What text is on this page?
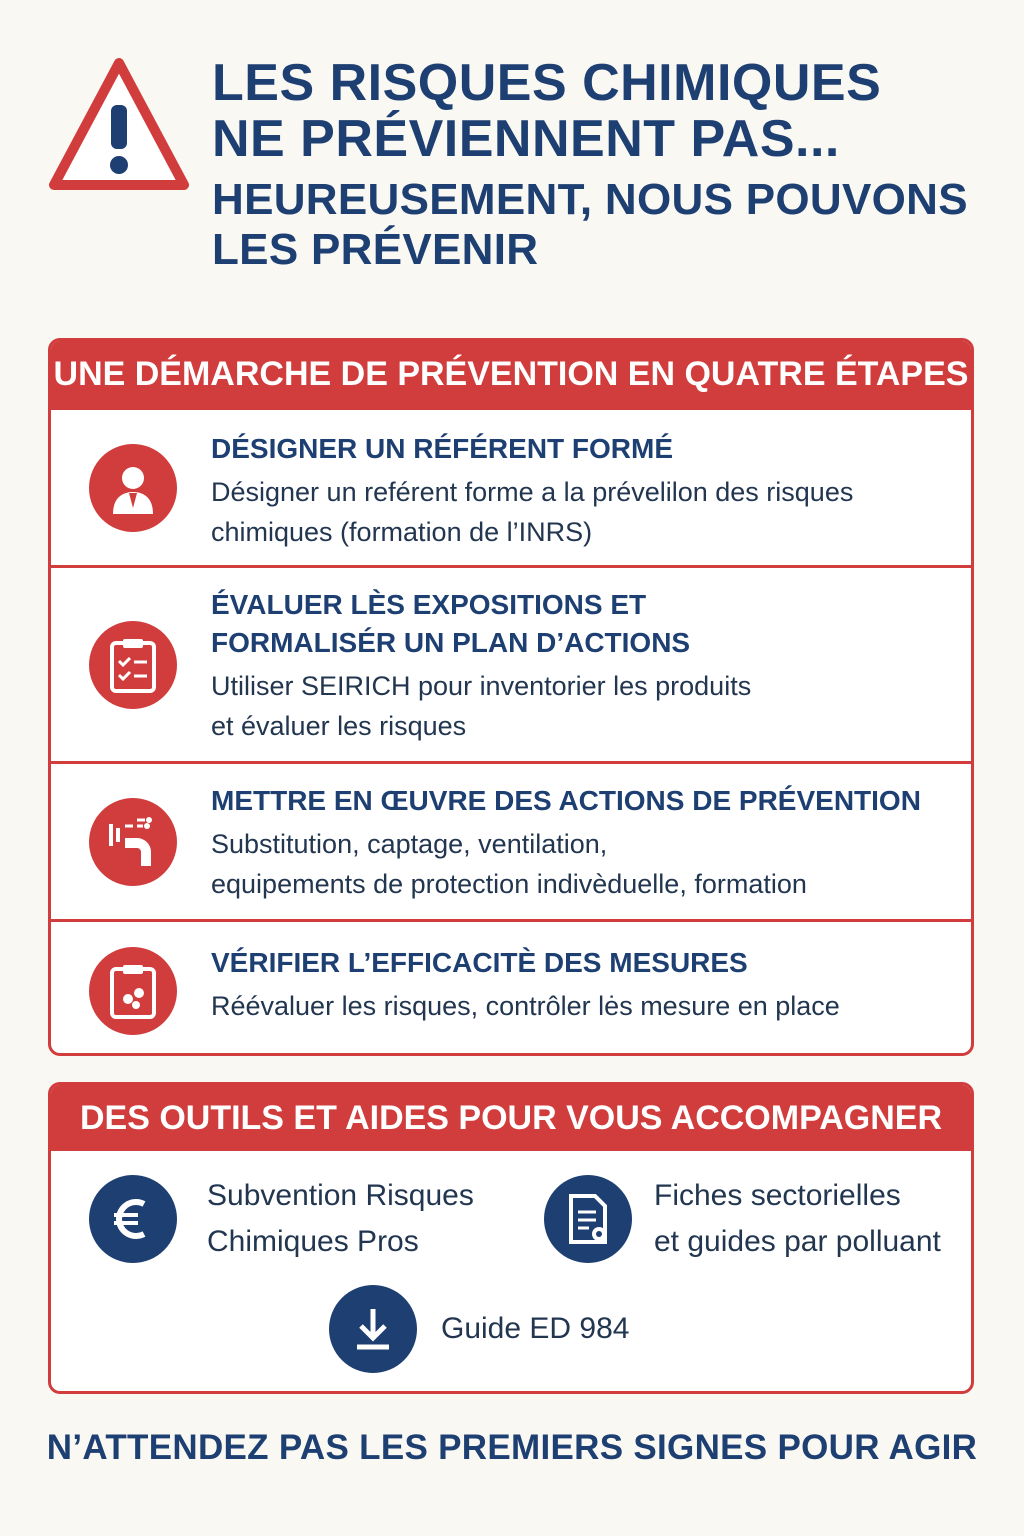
LES RISQUES CHIMIQUES
NE PRÉVIENNENT PAS...
HEUREUSEMENT, NOUS POUVONS
LES PRÉVENIR
UNE DÉMARCHE DE PRÉVENTION EN QUATRE ÉTAPES
DÉSIGNER UN RÉFÉRENT FORMÉ
Désigner un reférent forme a la prévelilon des risques
chimiques (formation de l’INRS)
ÉVALUER LÈS EXPOSITIONS ET
FORMALISÉR UN PLAN D’ACTIONS
Utiliser SEIRICH pour inventorier les produits
et évaluer les risques
METTRE EN ŒUVRE DES ACTIONS DE PRÉVENTION
Substitution, captage, ventilation,
equipements de protection indivèduelle, formation
VÉRIFIER L’EFFICACITÈ DES MESURES
Réévaluer les risques, contrôler lės mesure en place
DES OUTILS ET AIDES POUR VOUS ACCOMPAGNER
Subvention Risques
Chimiques Pros
Fiches sectorielles
et guides par polluant
Guide ED 984
N’ATTENDEZ PAS LES PREMIERS SIGNES POUR AGIR
